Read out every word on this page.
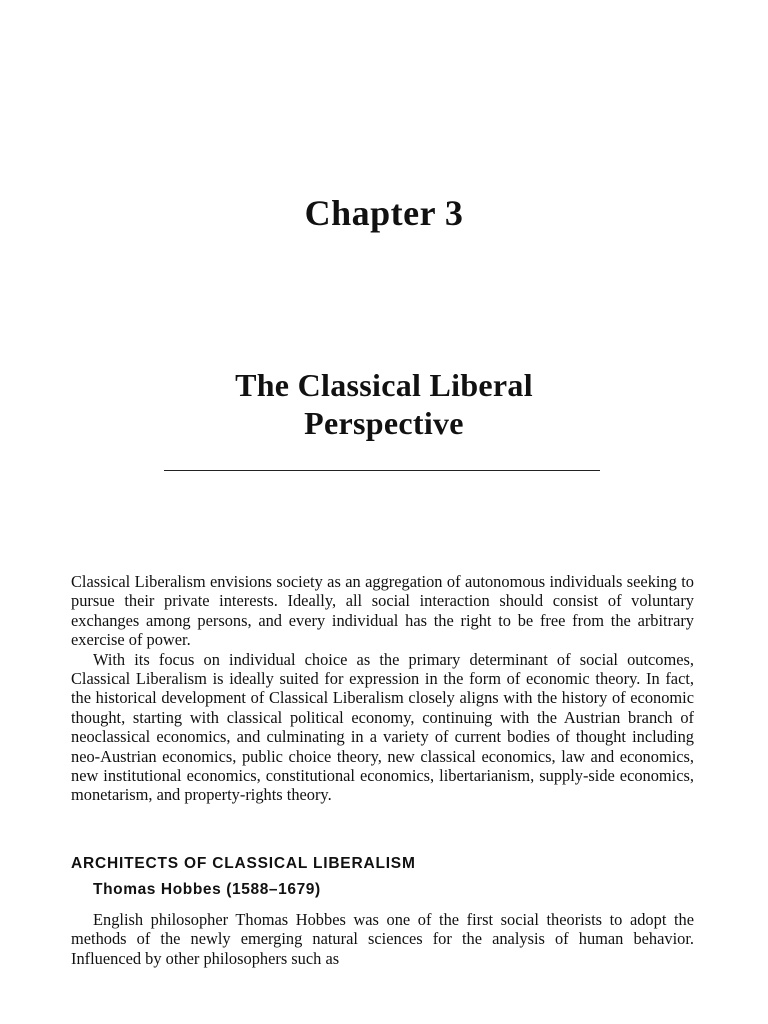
Chapter 3
The Classical Liberal
Perspective

Classical Liberalism envisions society as an aggregation of autonomous individuals seeking to pursue their private interests. Ideally, all social interaction should consist of voluntary exchanges among persons, and every individual has the right to be free from the arbitrary exercise of power.

With its focus on individual choice as the primary determinant of social outcomes, Classical Liberalism is ideally suited for expression in the form of economic theory. In fact, the historical development of Classical Liberalism closely aligns with the history of economic thought, starting with classical political economy, continuing with the Austrian branch of neoclassical economics, and culminating in a variety of current bodies of thought including neo-Austrian economics, public choice theory, new classical economics, law and economics, new institutional economics, constitutional economics, libertarianism, supply-side economics, monetarism, and property-rights theory.

ARCHITECTS OF CLASSICAL LIBERALISM
Thomas Hobbes (1588–1679)

English philosopher Thomas Hobbes was one of the first social theorists to adopt the methods of the newly emerging natural sciences for the analysis of human behavior. Influenced by other philosophers such as
